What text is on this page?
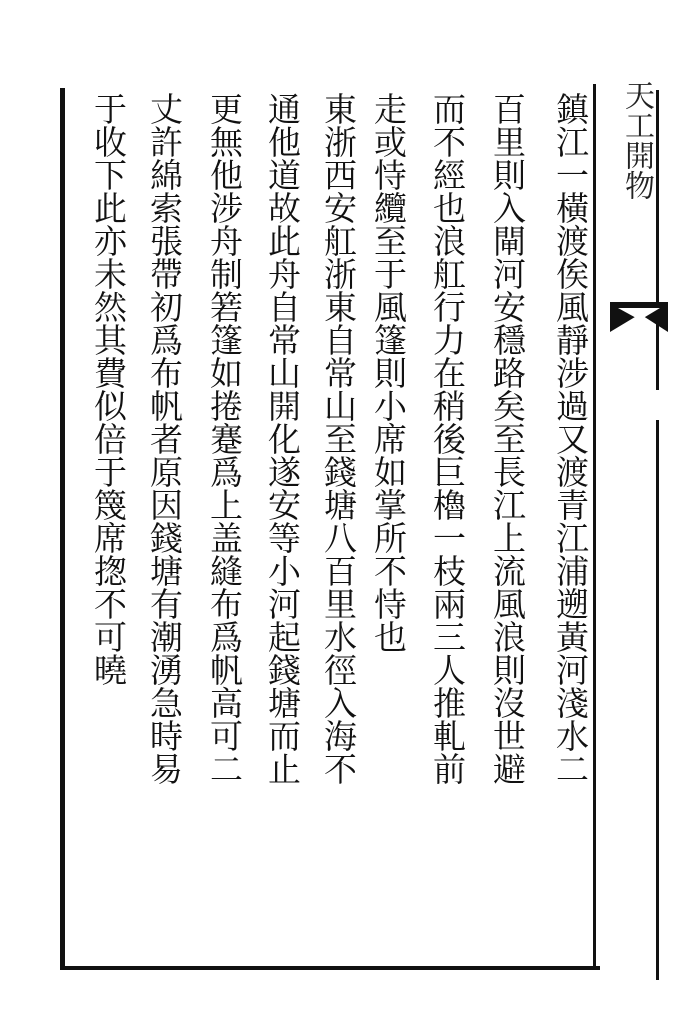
鎮江一橫渡俟風靜涉過又渡青江浦遡黃河淺水二
百里則入閘河安穩路矣至長江上流風浪則沒世避
而不經也浪舡行力在稍後巨櫓一枝兩三人推軋前
走或恃纜至于風篷則小席如掌所不恃也
東浙西安舡浙東自常山至錢塘八百里水徑入海不
通他道故此舟自常山開化遂安等小河起錢塘而止
更無他涉舟制箬篷如捲蹇爲上盖縫布爲帆高可二
丈許綿索張帶初爲布帆者原因錢塘有潮湧急時易
于收下此亦未然其費似倍于篾席揔不可曉	天工開物
